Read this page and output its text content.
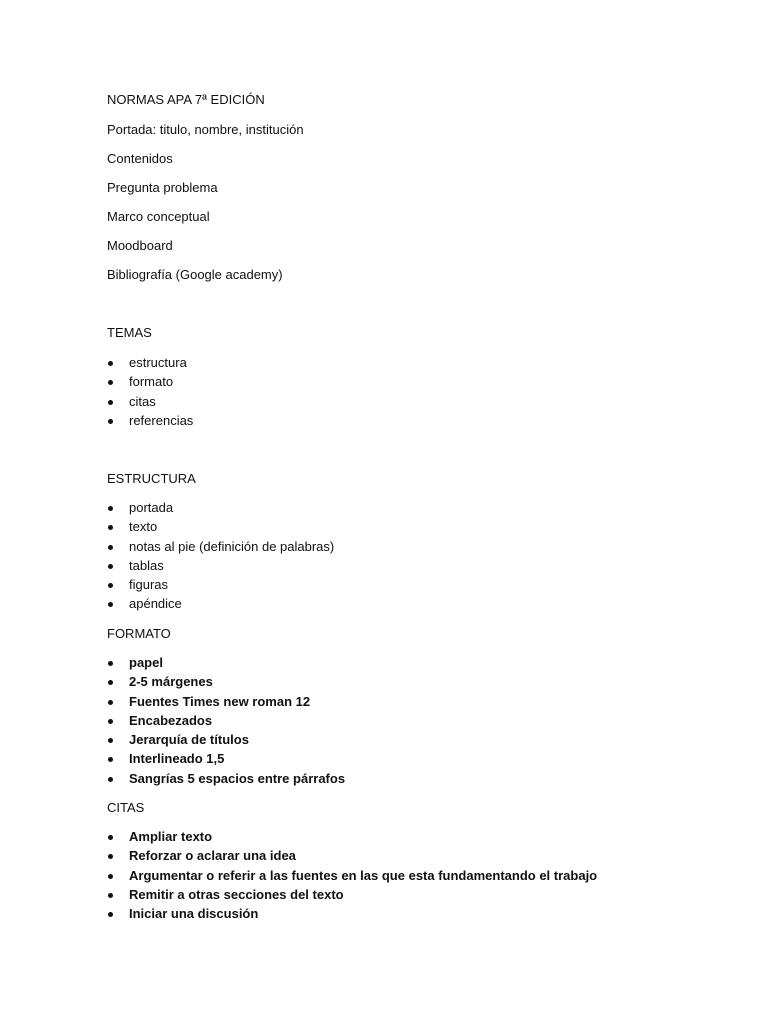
NORMAS APA 7ª EDICIÓN
Portada: titulo, nombre, institución
Contenidos
Pregunta problema
Marco conceptual
Moodboard
Bibliografía (Google academy)
TEMAS
estructura
formato
citas
referencias
ESTRUCTURA
portada
texto
notas al pie (definición de palabras)
tablas
figuras
apéndice
FORMATO
papel
2-5 márgenes
Fuentes Times new roman 12
Encabezados
Jerarquía de títulos
Interlineado 1,5
Sangrías 5 espacios entre párrafos
CITAS
Ampliar texto
Reforzar o aclarar una idea
Argumentar o referir a las fuentes en las que esta fundamentando el trabajo
Remitir a otras secciones del texto
Iniciar una discusión
